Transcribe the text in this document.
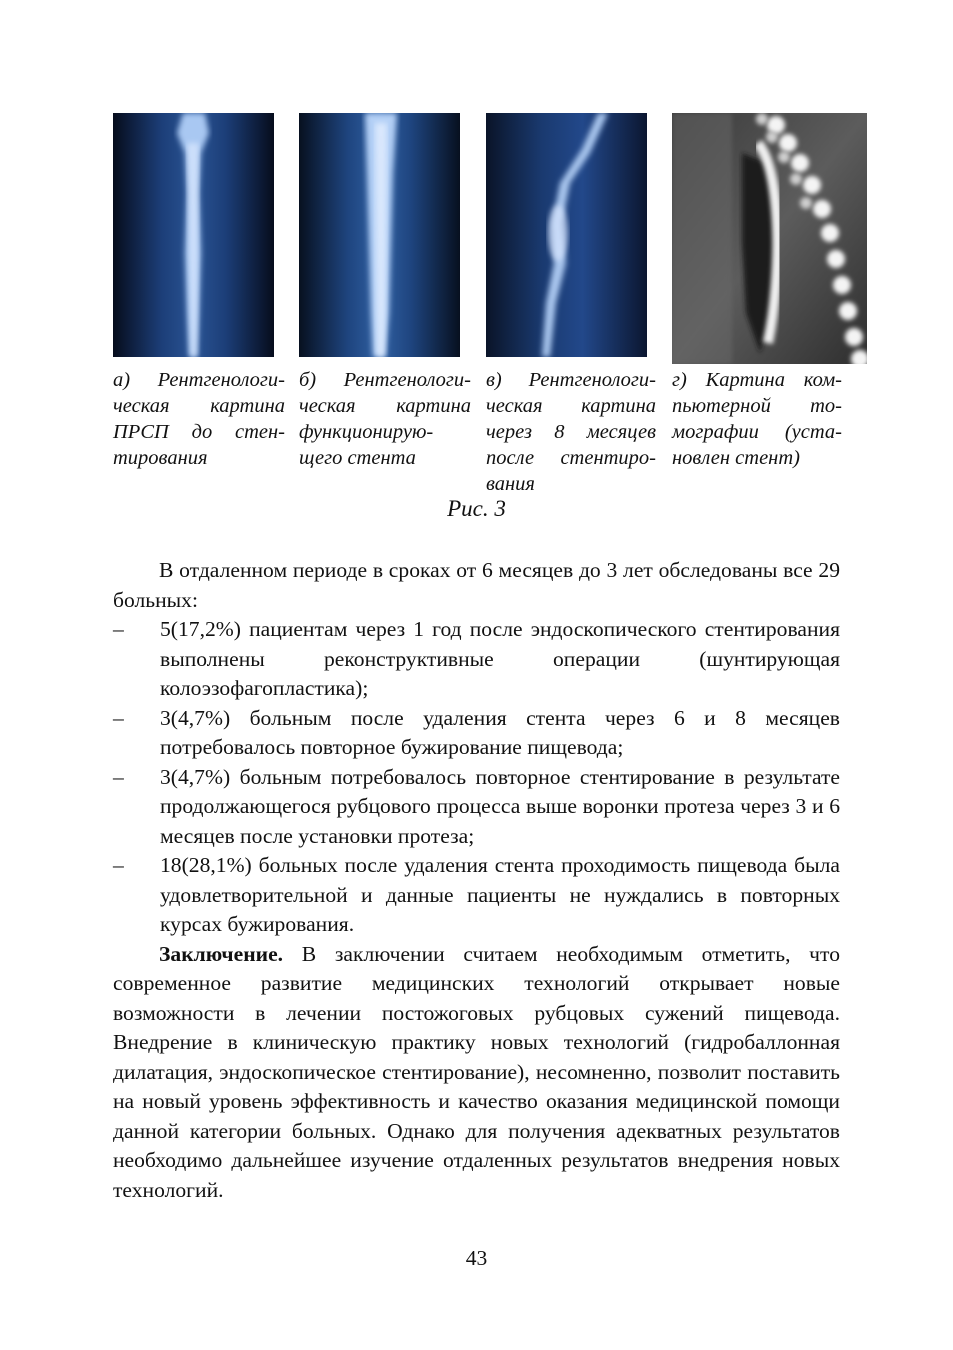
а) Рентгенологи-ческая картина ПРСП до стен-тирования
б) Рентгенологи-ческая картина функционирую-щего стента
в) Рентгенологи-ческая картина через 8 месяцев после стентиро-вания
г) Картина ком-пьютерной то-мографии (уста-новлен стент)
Рис. 3

В отдаленном периоде в сроках от 6 месяцев до 3 лет обследованы все 29 больных:

– 5(17,2%) пациентам через 1 год после эндоскопического стентирования выполнены реконструктивные операции (шунтирующая колоэзофагопластика);
– 3(4,7%) больным после удаления стента через 6 и 8 месяцев потребовалось повторное бужирование пищевода;
– 3(4,7%) больным потребовалось повторное стентирование в результате продолжающегося рубцового процесса выше воронки протеза через 3 и 6 месяцев после установки протеза;
– 18(28,1%) больных после удаления стента проходимость пищевода была удовлетворительной и данные пациенты не нуждались в повторных курсах бужирования.

Заключение. В заключении считаем необходимым отметить, что современное развитие медицинских технологий открывает новые возможности в лечении постожоговых рубцовых сужений пищевода. Внедрение в клиническую практику новых технологий (гидробаллонная дилатация, эндоскопическое стентирование), несомненно, позволит поставить на новый уровень эффективность и качество оказания медицинской помощи данной категории больных. Однако для получения адекватных результатов необходимо дальнейшее изучение отдаленных результатов внедрения новых технологий.

43
